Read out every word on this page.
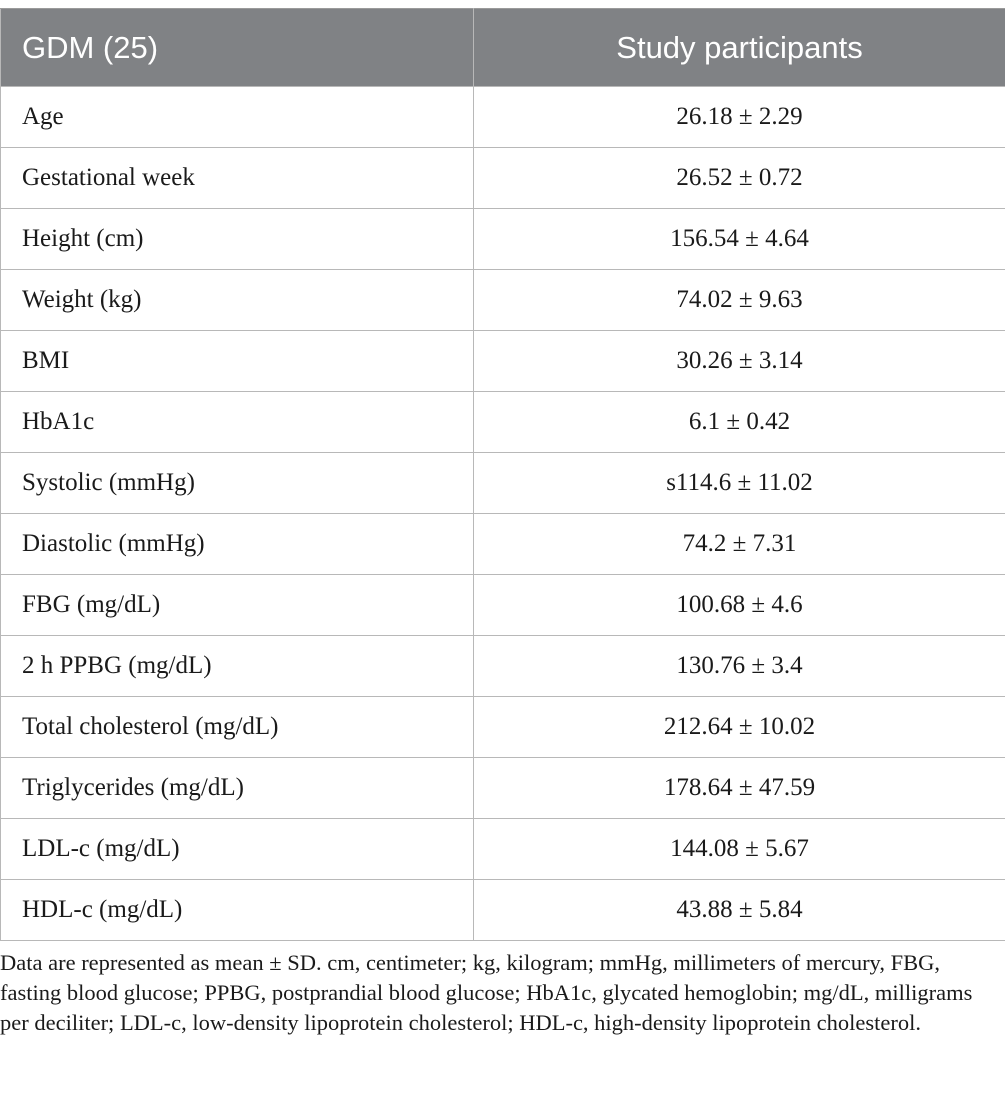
GDM (25)	Study participants
Age	26.18 ± 2.29
Gestational week	26.52 ± 0.72
Height (cm)	156.54 ± 4.64
Weight (kg)	74.02 ± 9.63
BMI	30.26 ± 3.14
HbA1c	6.1 ± 0.42
Systolic (mmHg)	s114.6 ± 11.02
Diastolic (mmHg)	74.2 ± 7.31
FBG (mg/dL)	100.68 ± 4.6
2 h PPBG (mg/dL)	130.76 ± 3.4
Total cholesterol (mg/dL)	212.64 ± 10.02
Triglycerides (mg/dL)	178.64 ± 47.59
LDL-c (mg/dL)	144.08 ± 5.67
HDL-c (mg/dL)	43.88 ± 5.84
Data are represented as mean ± SD. cm, centimeter; kg, kilogram; mmHg, millimeters of mercury, FBG, fasting blood glucose; PPBG, postprandial blood glucose; HbA1c, glycated hemoglobin; mg/dL, milligrams per deciliter; LDL-c, low-density lipoprotein cholesterol; HDL-c, high-density lipoprotein cholesterol.
